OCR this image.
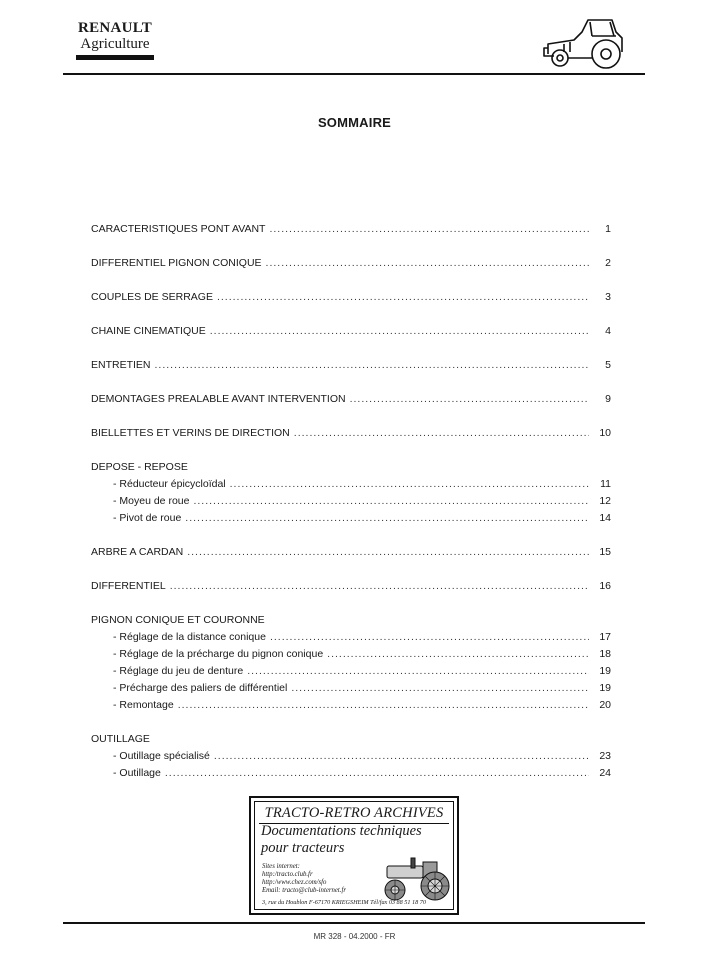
RENAULT
Agriculture
SOMMAIRE
CARACTERISTIQUES PONT AVANT .....	1
DIFFERENTIEL PIGNON CONIQUE .....	2
COUPLES DE SERRAGE .....	3
CHAINE CINEMATIQUE .....	4
ENTRETIEN .....	5
DEMONTAGES PREALABLE AVANT INTERVENTION .....	9
BIELLETTES ET VERINS DE DIRECTION .....	10
DEPOSE - REPOSE
- Réducteur épicycloïdal .....	11
- Moyeu de roue .....	12
- Pivot de roue .....	14
ARBRE A CARDAN .....	15
DIFFERENTIEL .....	16
PIGNON CONIQUE ET COURONNE
- Réglage de la distance conique .....	17
- Réglage de la précharge du pignon conique .....	18
- Réglage du jeu de denture .....	19
- Précharge des paliers de différentiel .....	19
- Remontage .....	20
OUTILLAGE
- Outillage spécialisé .....	23
- Outillage .....	24
TRACTO-RETRO ARCHIVES
Documentations techniques
pour tracteurs
Sites internet:
http:/tracto.club.fr
http:/www.chez.com/sfo
Email: tracto@club-internet.fr
3, rue du Houblon F-67170 KRIEGSHEIM Tél/fax 03 88 51 18 70
MR 328 - 04.2000 - FR
